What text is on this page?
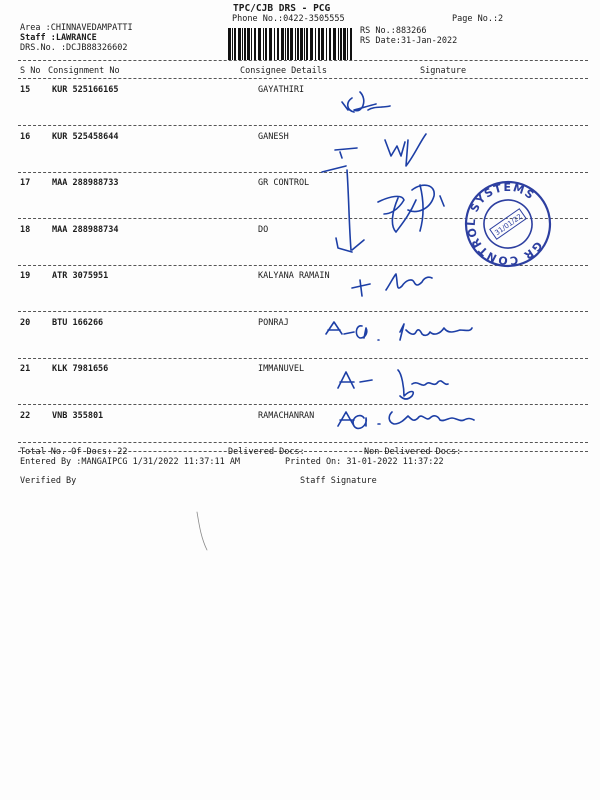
TPC/CJB DRS - PCG
Phone No.:0422-3505555	Page No.:2
Area :CHINNAVEDAMPATTI
Staff :LAWRANCE
DRS.No. :DCJB88326602
RS No.:883266
RS Date:31-Jan-2022
S No Consignment No	Consignee Details	Signature
15	KUR 525166165	GAYATHIRI
16	KUR 525458644	GANESH
17	MAA 288988733	GR CONTROL
18	MAA 288988734	DO
19	ATR 3075951	KALYANA RAMAIN
20	BTU 166266	PONRAJ
21	KLK 7981656	IMMANUVEL
22	VNB 355801	RAMACHANRAN
Total No. Of Docs: 22	Delivered Docs:	Non Delivered Docs:
Entered By :MANGAIPCG 1/31/2022 11:37:11 AM	Printed On: 31-01-2022 11:37:22
Verified By	Staff Signature
GR CONTROL SYSTEMS
31/01/22
